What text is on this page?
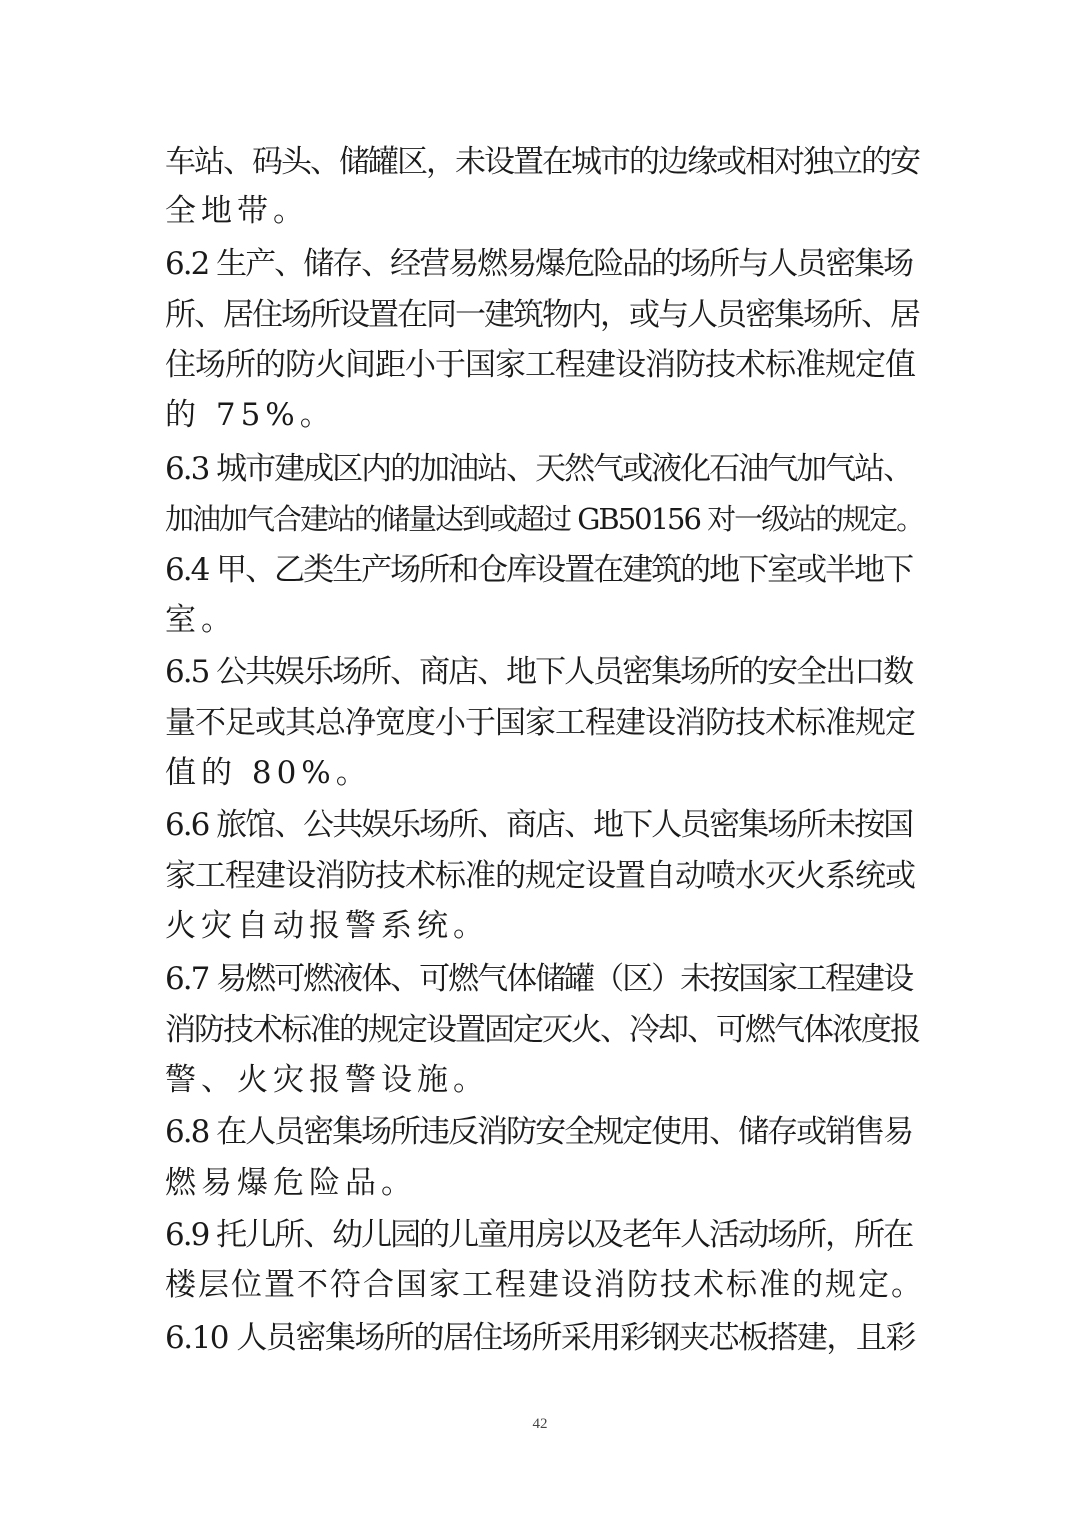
车站、码头、储罐区，未设置在城市的边缘或相对独立的安
全地带。
6.2 生产、储存、经营易燃易爆危险品的场所与人员密集场
所、居住场所设置在同一建筑物内，或与人员密集场所、居
住场所的防火间距小于国家工程建设消防技术标准规定值
的 75%。
6.3 城市建成区内的加油站、天然气或液化石油气加气站、
加油加气合建站的储量达到或超过 GB50156 对一级站的规定。
6.4 甲、乙类生产场所和仓库设置在建筑的地下室或半地下
室。
6.5 公共娱乐场所、商店、地下人员密集场所的安全出口数
量不足或其总净宽度小于国家工程建设消防技术标准规定
值的 80%。
6.6 旅馆、公共娱乐场所、商店、地下人员密集场所未按国
家工程建设消防技术标准的规定设置自动喷水灭火系统或
火灾自动报警系统。
6.7 易燃可燃液体、可燃气体储罐（区）未按国家工程建设
消防技术标准的规定设置固定灭火、冷却、可燃气体浓度报
警、火灾报警设施。
6.8 在人员密集场所违反消防安全规定使用、储存或销售易
燃易爆危险品。
6.9 托儿所、幼儿园的儿童用房以及老年人活动场所，所在
楼层位置不符合国家工程建设消防技术标准的规定。
6.10 人员密集场所的居住场所采用彩钢夹芯板搭建，且彩
42
